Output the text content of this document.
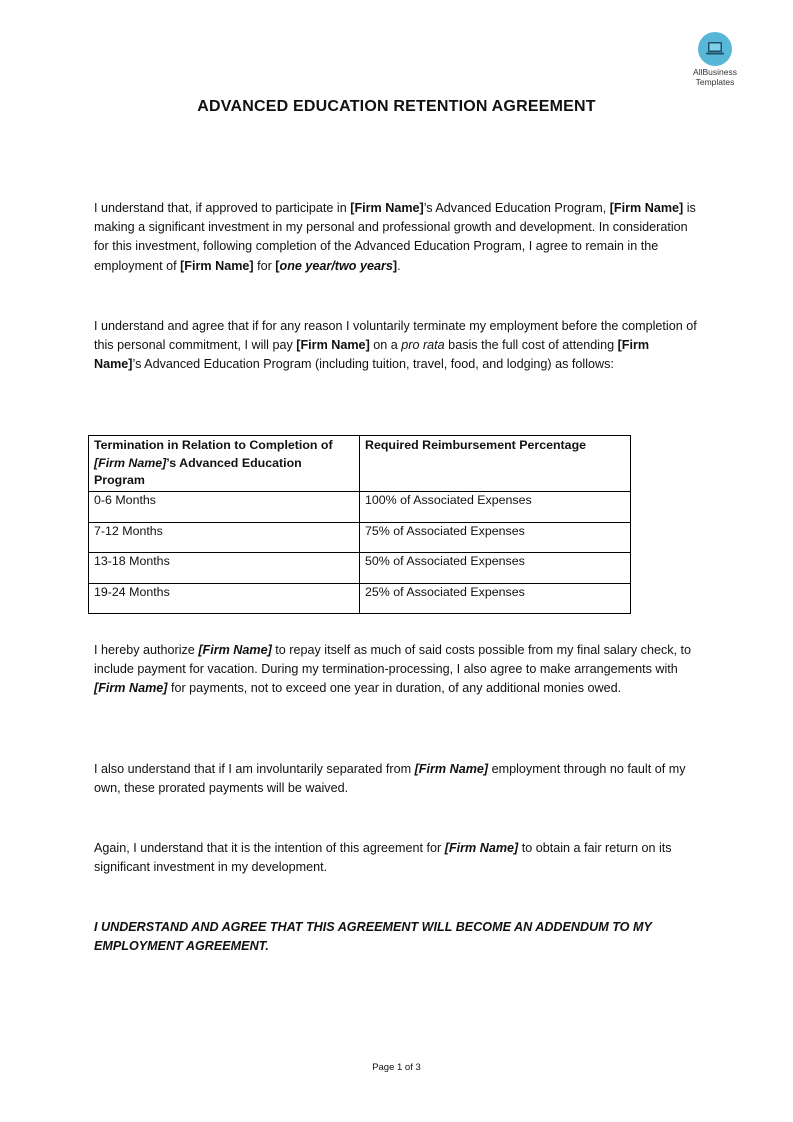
AllBusiness
Templates
ADVANCED EDUCATION RETENTION AGREEMENT
I understand that, if approved to participate in [Firm Name]’s Advanced Education Program, [Firm Name] is making a significant investment in my personal and professional growth and development. In consideration for this investment, following completion of the Advanced Education Program, I agree to remain in the employment of [Firm Name] for [one year/two years].
I understand and agree that if for any reason I voluntarily terminate my employment before the completion of this personal commitment, I will pay [Firm Name] on a pro rata basis the full cost of attending [Firm Name]’s Advanced Education Program (including tuition, travel, food, and lodging) as follows:
Termination in Relation to Completion of [Firm Name]’s Advanced Education Program	Required Reimbursement Percentage
0-6 Months	100% of Associated Expenses
7-12 Months	75% of Associated Expenses
13-18 Months	50% of Associated Expenses
19-24 Months	25% of Associated Expenses
I hereby authorize [Firm Name] to repay itself as much of said costs possible from my final salary check, to include payment for vacation. During my termination-processing, I also agree to make arrangements with [Firm Name] for payments, not to exceed one year in duration, of any additional monies owed.
I also understand that if I am involuntarily separated from [Firm Name] employment through no fault of my own, these prorated payments will be waived.
Again, I understand that it is the intention of this agreement for [Firm Name] to obtain a fair return on its significant investment in my development.
I UNDERSTAND AND AGREE THAT THIS AGREEMENT WILL BECOME AN ADDENDUM TO MY EMPLOYMENT AGREEMENT.
Page 1 of 3
